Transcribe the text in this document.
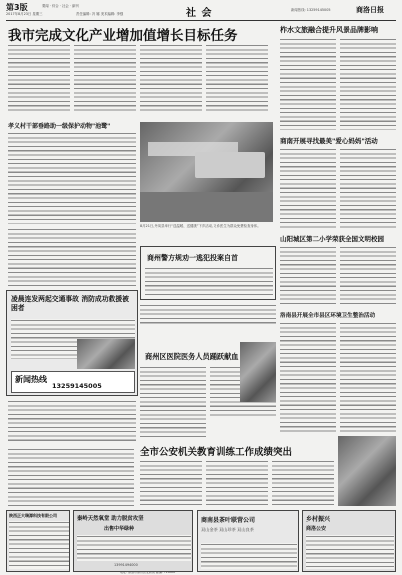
第3版
2017年8月23日 星期三
要闻 · 综合 · 社会 · 副刊
责任编辑: 冯 娜 美术编辑: 李强	社 会	新闻热线: 13259145005	商洛日报
我市完成文化产业增加值增长目标任务
孝义村干部垂路助一级保护动物"池鹭"
8月21日,丹凤县举行“送温暖、送健康”下乡活动,义诊医生为群众免费检查身体。
柞水文旅融合提升风景品牌影响
商南开展寻找最美"爱心妈妈"活动
山阳城区第二小学荣获全国文明校园
洛南县开展全市县区环境卫生整治活动
凌晨连发两起交通事故 消防成功救援被困者
新闻热线
13259145005
商州警方规劝一逃犯投案自首
商州区医院医务人员踊跃献血
全市公安机关教育训练工作成绩突出
陕西正大瑞源科技有限公司
秦岭天然氧堂 助力脱贫攻坚
出售中华绿种
13991494000
商南县茶叶联营公司
双山金茶 双山珍茶 双山良茶
乡村振兴
商洛公安
地址: 商洛市商州区北新街 邮编: 726000
